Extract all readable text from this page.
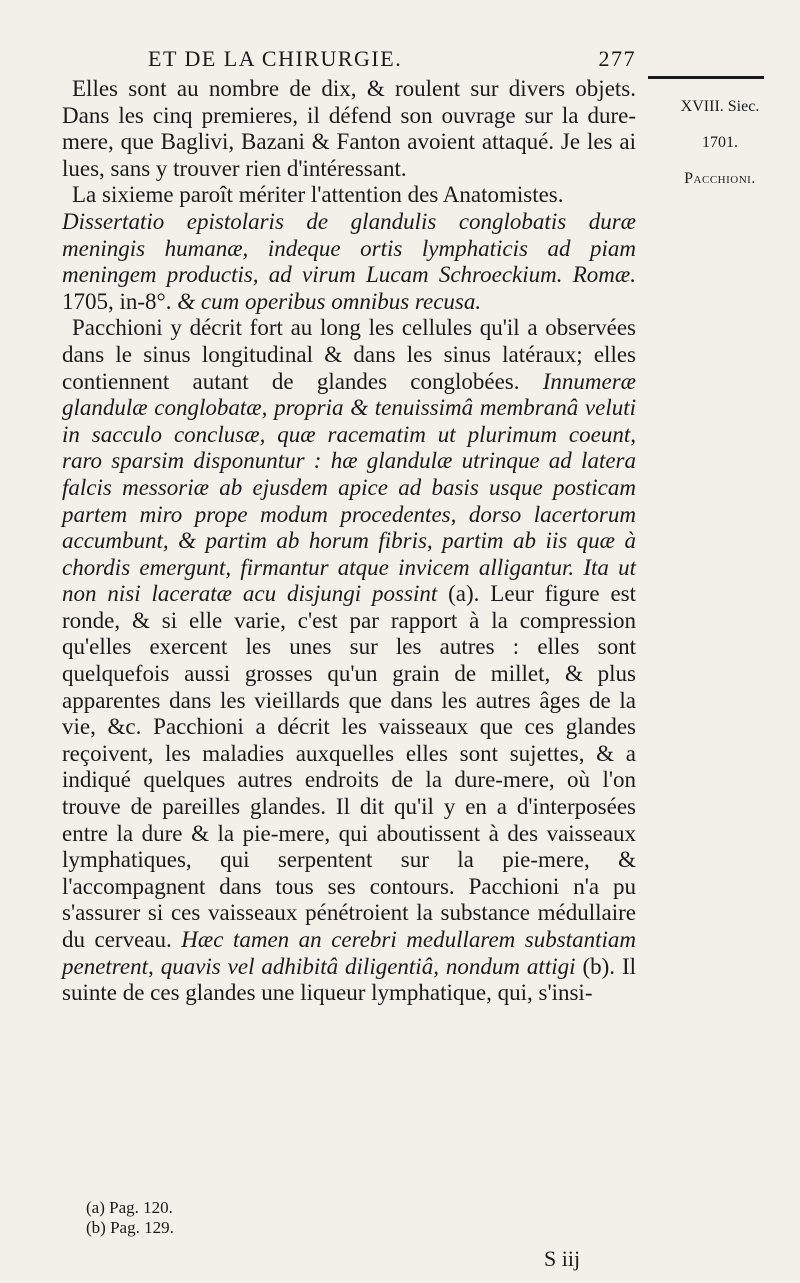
ET DE LA CHIRURGIE.	277
XVIII. Siec.
1701.
Pacchioni.

Elles sont au nombre de dix, & roulent sur divers objets. Dans les cinq premieres, il défend son ouvrage sur la dure-mere, que Baglivi, Bazani & Fanton avoient attaqué. Je les ai lues, sans y trouver rien d'intéressant.

La sixieme paroît mériter l'attention des Anatomistes.

Dissertatio epistolaris de glandulis conglobatis duræ meningis humanæ, indeque ortis lymphaticis ad piam meningem productis, ad virum Lucam Schroeckium. Romæ. 1705, in-8°. & cum operibus omnibus recusa.

Pacchioni y décrit fort au long les cellules qu'il a observées dans le sinus longitudinal & dans les sinus latéraux; elles contiennent autant de glandes conglobées. Innumeræ glandulæ conglobatæ, propria & tenuissimâ membranâ veluti in sacculo conclusæ, quæ racematim ut plurimum coeunt, raro sparsim disponuntur : hæ glandulæ utrinque ad latera falcis messoriæ ab ejusdem apice ad basis usque posticam partem miro prope modum procedentes, dorso lacertorum accumbunt, & partim ab horum fibris, partim ab iis quæ à chordis emergunt, firmantur atque invicem alligantur. Ita ut non nisi laceratæ acu disjungi possint (a). Leur figure est ronde, & si elle varie, c'est par rapport à la compression qu'elles exercent les unes sur les autres : elles sont quelquefois aussi grosses qu'un grain de millet, & plus apparentes dans les vieillards que dans les autres âges de la vie, &c. Pacchioni a décrit les vaisseaux que ces glandes reçoivent, les maladies auxquelles elles sont sujettes, & a indiqué quelques autres endroits de la dure-mere, où l'on trouve de pareilles glandes. Il dit qu'il y en a d'interposées entre la dure & la pie-mere, qui aboutissent à des vaisseaux lymphatiques, qui serpentent sur la pie-mere, & l'accompagnent dans tous ses contours. Pacchioni n'a pu s'assurer si ces vaisseaux pénétroient la substance médullaire du cerveau. Hæc tamen an cerebri medullarem substantiam penetrent, quavis vel adhibitâ diligentiâ, nondum attigi (b). Il suinte de ces glandes une liqueur lymphatique, qui, s'insi-

(a) Pag. 120.
(b) Pag. 129.
S iij
